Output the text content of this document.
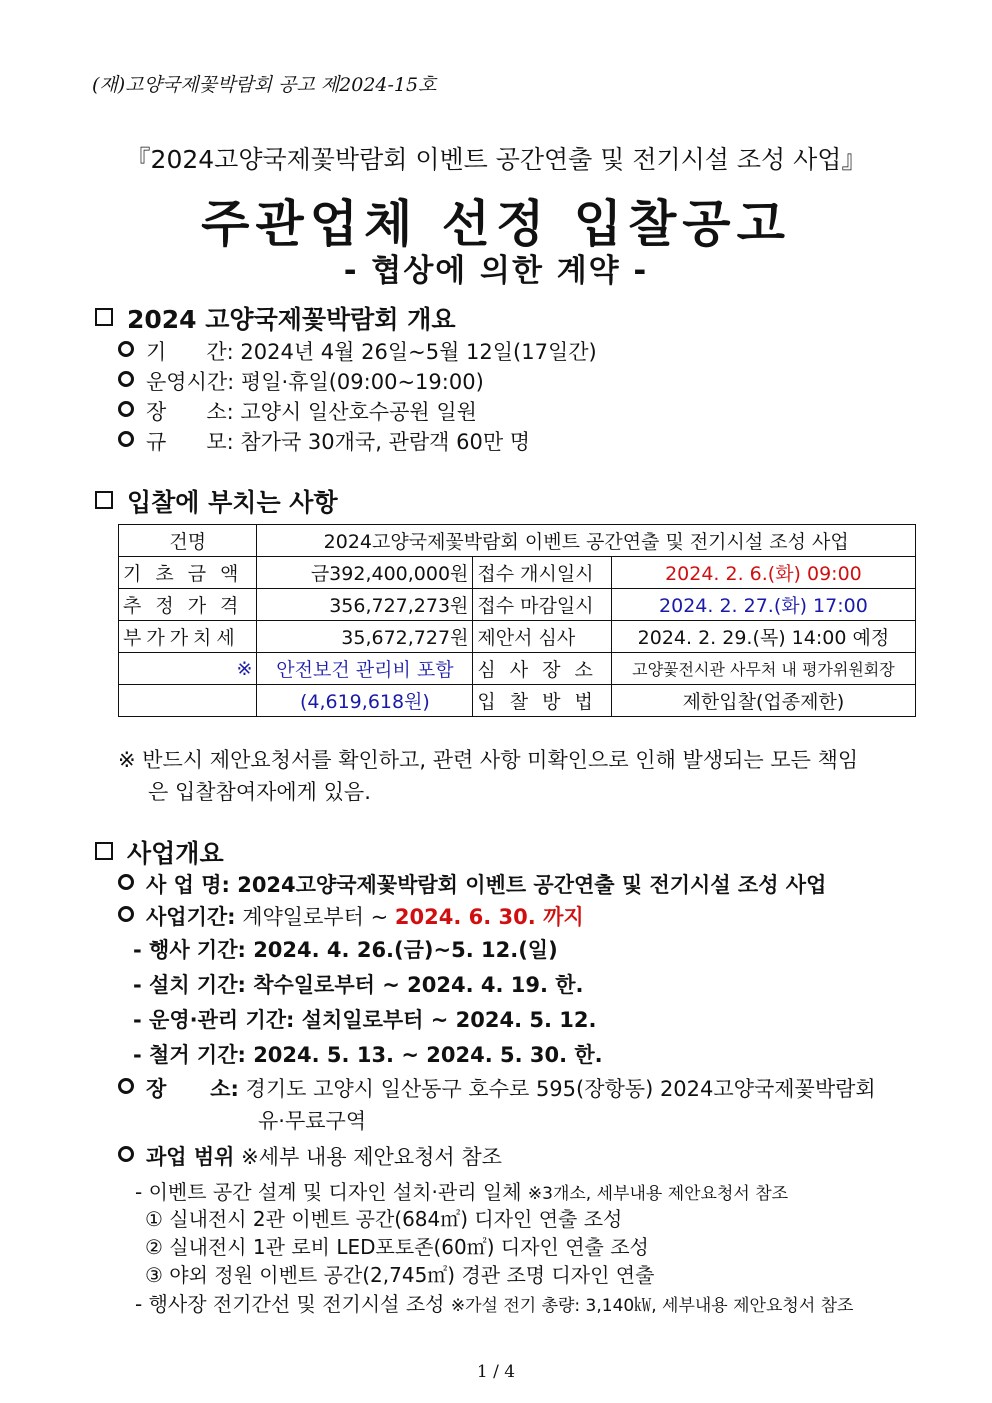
(재)고양국제꽃박람회 공고 제2024-15호
『2024고양국제꽃박람회 이벤트 공간연출 및 전기시설 조성 사업』
주관업체 선정 입찰공고
- 협상에 의한 계약 -
2024 고양국제꽃박람회 개요
기      간: 2024년 4월 26일~5월 12일(17일간)
운영시간: 평일·휴일(09:00~19:00)
장      소: 고양시 일산호수공원 일원
규      모: 참가국 30개국, 관람객 60만 명
입찰에 부치는 사항
건명	2024고양국제꽃박람회 이벤트 공간연출 및 전기시설 조성 사업		
기초금액	금392,400,000원	접수 개시일시	2024. 2. 6.(화) 09:00
추정가격	356,727,273원	접수 마감일시	2024. 2. 27.(화) 17:00
부가가치세	35,672,727원	제안서 심사	2024. 2. 29.(목) 14:00 예정
※	안전보건 관리비 포함	심사장소	고양꽃전시관 사무처 내 평가위원회장
	(4,619,618원)	입찰방법	제한입찰(업종제한)
※ 반드시 제안요청서를 확인하고, 관련 사항 미확인으로 인해 발생되는 모든 책임
은 입찰참여자에게 있음.
사업개요
사 업 명: 2024고양국제꽃박람회 이벤트 공간연출 및 전기시설 조성 사업
사업기간: 계약일로부터 ~ 2024. 6. 30. 까지
- 행사 기간: 2024. 4. 26.(금)~5. 12.(일)
- 설치 기간: 착수일로부터 ~ 2024. 4. 19. 한.
- 운영·관리 기간: 설치일로부터 ~ 2024. 5. 12.
- 철거 기간: 2024. 5. 13. ~ 2024. 5. 30. 한.
장      소: 경기도 고양시 일산동구 호수로 595(장항동) 2024고양국제꽃박람회
유·무료구역
과업 범위 ※세부 내용 제안요청서 참조
- 이벤트 공간 설계 및 디자인 설치·관리 일체 ※3개소, 세부내용 제안요청서 참조
① 실내전시 2관 이벤트 공간(684㎡) 디자인 연출 조성
② 실내전시 1관 로비 LED포토존(60㎡) 디자인 연출 조성
③ 야외 정원 이벤트 공간(2,745㎡) 경관 조명 디자인 연출
- 행사장 전기간선 및 전기시설 조성 ※가설 전기 총량: 3,140㎾, 세부내용 제안요청서 참조
1 / 4
